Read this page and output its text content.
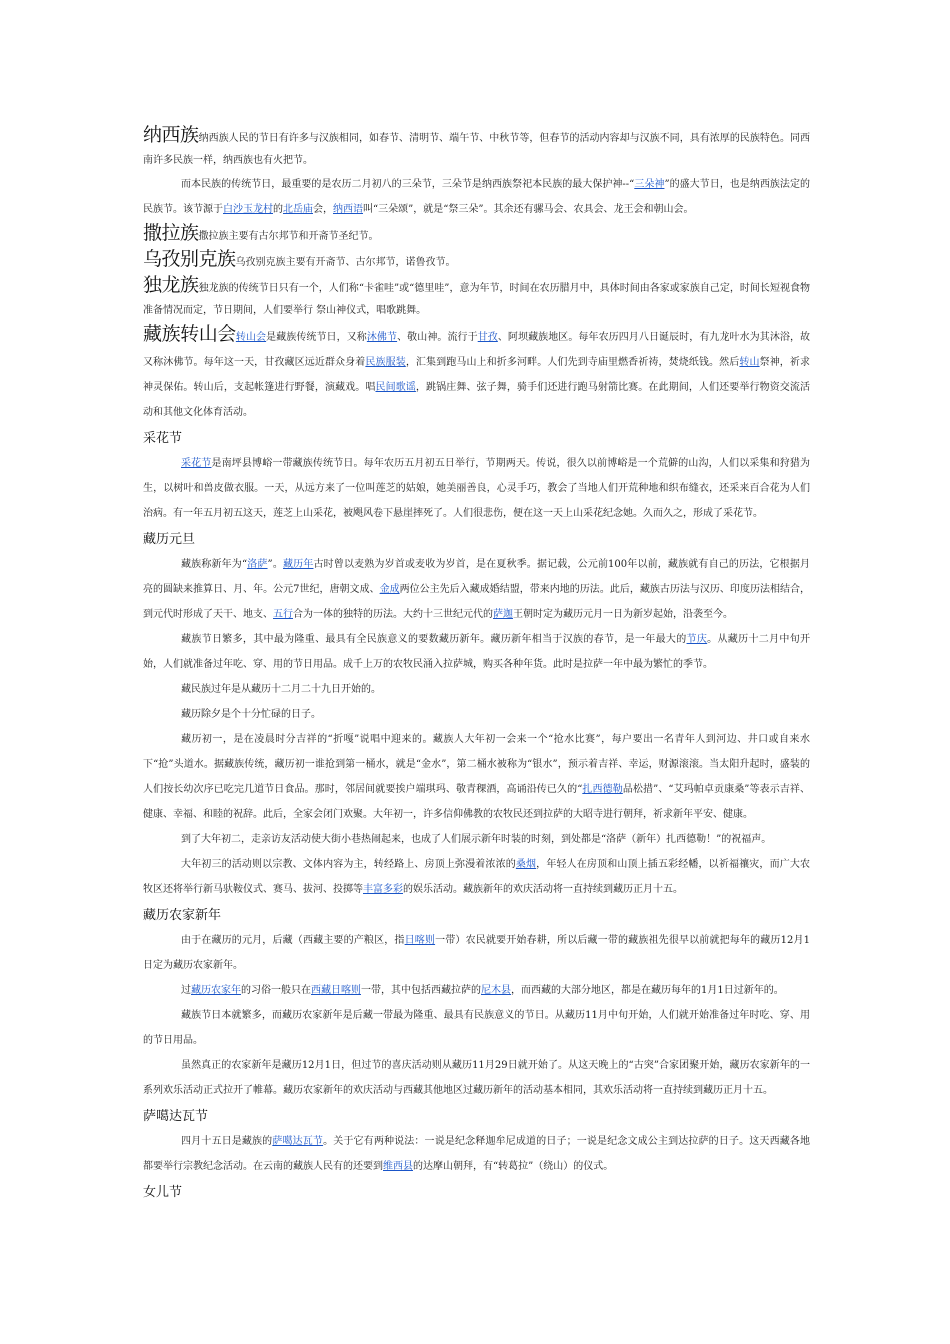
纳西族纳西族人民的节日有许多与汉族相同，如春节、清明节、端午节、中秋节等，但春节的活动内容却与汉族不同，具有浓厚的民族特色。同西南许多民族一样，纳西族也有火把节。

而本民族的传统节日，最重要的是农历二月初八的三朵节，三朵节是纳西族祭祀本民族的最大保护神--“三朵神”的盛大节日，也是纳西族法定的民族节。该节源于白沙玉龙村的北岳庙会，纳西语叫“三朵颂”，就是“祭三朵”。其余还有骡马会、农具会、龙王会和朝山会。

撒拉族撒拉族主要有古尔邦节和开斋节圣纪节。

乌孜别克族乌孜别克族主要有开斋节、古尔邦节，诺鲁孜节。

独龙族独龙族的传统节日只有一个，人们称“卡雀哇”或“德里哇”，意为年节，时间在农历腊月中，具体时间由各家或家族自己定，时间长短视食物准备情况而定，节日期间，人们要举行 祭山神仪式，唱歌跳舞。

藏族转山会转山会是藏族传统节日，又称沐佛节、敬山神。流行于甘孜、阿坝藏族地区。每年农历四月八日诞辰时，有九龙叶水为其沐浴，故又称沐佛节。每年这一天，甘孜藏区远近群众身着民族服装，汇集到跑马山上和折多河畔。人们先到寺庙里燃香祈祷，焚烧纸钱。然后转山祭神，祈求神灵保佑。转山后，支起帐篷进行野餐，演藏戏。唱民间歌谣，跳锅庄舞、弦子舞，骑手们还进行跑马射箭比赛。在此期间，人们还要举行物资交流活动和其他文化体育活动。

采花节

采花节是南坪县博峪一带藏族传统节日。每年农历五月初五日举行，节期两天。传说，很久以前博峪是一个荒僻的山沟，人们以采集和狩猎为生，以树叶和兽皮做衣服。一天，从远方来了一位叫莲芝的姑娘，她美丽善良，心灵手巧，教会了当地人们开荒种地和织布缝衣，还采来百合花为人们治病。有一年五月初五这天，莲芝上山采花，被飓风卷下悬崖摔死了。人们很悲伤，便在这一天上山采花纪念她。久而久之，形成了采花节。

藏历元旦

藏族称新年为“洛萨”。藏历年古时曾以麦熟为岁首或麦收为岁首，是在夏秋季。据记载，公元前100年以前，藏族就有自己的历法，它根据月亮的圆缺来推算日、月、年。公元7世纪，唐朝文成、金成两位公主先后入藏成婚结盟，带来内地的历法。此后，藏族古历法与汉历、印度历法相结合，到元代时形成了天干、地支、五行合为一体的独特的历法。大约十三世纪元代的萨迦王朝时定为藏历元月一日为新岁起始，沿袭至今。

藏族节日繁多，其中最为隆重、最具有全民族意义的要数藏历新年。藏历新年相当于汉族的春节，是一年最大的节庆。从藏历十二月中旬开始，人们就准备过年吃、穿、用的节日用品。成千上万的农牧民涌入拉萨城，购买各种年货。此时是拉萨一年中最为繁忙的季节。

藏民族过年是从藏历十二月二十九日开始的。

藏历除夕是个十分忙碌的日子。

藏历初一，是在凌晨时分吉祥的“折嘎”说唱中迎来的。藏族人大年初一会来一个“抢水比赛”，每户要出一名青年人到河边、井口或自来水下“抢”头道水。据藏族传统，藏历初一谁抢到第一桶水，就是“金水”，第二桶水被称为“银水”，预示着吉祥、幸运，财源滚滚。当太阳升起时，盛装的人们按长幼次序已吃完几道节日食品。那时，邻居间就要挨户端琪玛、敬青稞酒，高诵沿传已久的“扎西德勒品松措”、“艾玛帕卓贡康桑”等表示吉祥、健康、幸福、和睦的祝辞。此后，全家会闭门欢聚。大年初一，许多信仰佛教的农牧民还到拉萨的大昭寺进行朝拜，祈求新年平安、健康。

到了大年初二，走亲访友活动使大街小巷热闹起来，也成了人们展示新年时装的时刻，到处都是“洛萨（新年）扎西德勒！”的祝福声。

大年初三的活动则以宗教、文体内容为主，转经路上、房顶上弥漫着浓浓的桑烟，年轻人在房顶和山顶上插五彩经幡，以祈福禳灾，而广大农牧区还将举行新马驮鞍仪式、赛马、拔河、投掷等丰富多彩的娱乐活动。藏族新年的欢庆活动将一直持续到藏历正月十五。

藏历农家新年

由于在藏历的元月，后藏（西藏主要的产粮区，指日喀则一带）农民就要开始春耕，所以后藏一带的藏族祖先很早以前就把每年的藏历12月1日定为藏历农家新年。

过藏历农家年的习俗一般只在西藏日喀则一带，其中包括西藏拉萨的尼木县，而西藏的大部分地区，都是在藏历每年的1月1日过新年的。

藏族节日本就繁多，而藏历农家新年是后藏一带最为隆重、最具有民族意义的节日。从藏历11月中旬开始，人们就开始准备过年时吃、穿、用的节日用品。

虽然真正的农家新年是藏历12月1日，但过节的喜庆活动则从藏历11月29日就开始了。从这天晚上的“古突”合家团聚开始，藏历农家新年的一系列欢乐活动正式拉开了帷幕。藏历农家新年的欢庆活动与西藏其他地区过藏历新年的活动基本相同，其欢乐活动将一直持续到藏历正月十五。

萨噶达瓦节

四月十五日是藏族的萨噶达瓦节。关于它有两种说法：一说是纪念释迦牟尼成道的日子；一说是纪念文成公主到达拉萨的日子。这天西藏各地都要举行宗教纪念活动。在云南的藏族人民有的还要到维西县的达摩山朝拜，有“转葛拉”（绕山）的仪式。

女儿节
